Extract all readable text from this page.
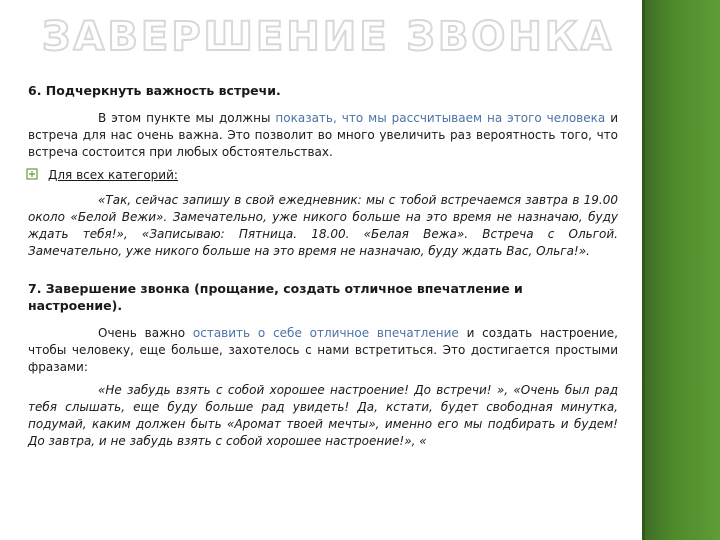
ЗАВЕРШЕНИЕ ЗВОНКА

6. Подчеркнуть важность встречи.

В этом пункте мы должны показать, что мы рассчитываем на этого человека и встреча для нас очень важна. Это позволит во много увеличить раз вероятность того, что встреча состоится при любых обстоятельствах.

Для всех категорий:

«Так, сейчас запишу в свой ежедневник: мы с тобой встречаемся завтра в 19.00 около «Белой Вежи». Замечательно, уже никого больше на это время не назначаю, буду ждать тебя!», «Записываю: Пятница. 18.00. «Белая Вежа». Встреча с Ольгой. Замечательно, уже никого больше на это время не назначаю, буду ждать Вас, Ольга!».

7. Завершение звонка (прощание, создать отличное впечатление и настроение).

Очень важно оставить о себе отличное впечатление и создать настроение, чтобы человеку, еще больше, захотелось с нами встретиться. Это достигается простыми фразами:

«Не забудь взять с собой хорошее настроение! До встречи! », «Очень был рад тебя слышать, еще буду больше рад увидеть! Да, кстати, будет свободная минутка, подумай, каким должен быть «Аромат твоей мечты», именно его мы подбирать и будем! До завтра, и не забудь взять с собой хорошее настроение!», «
